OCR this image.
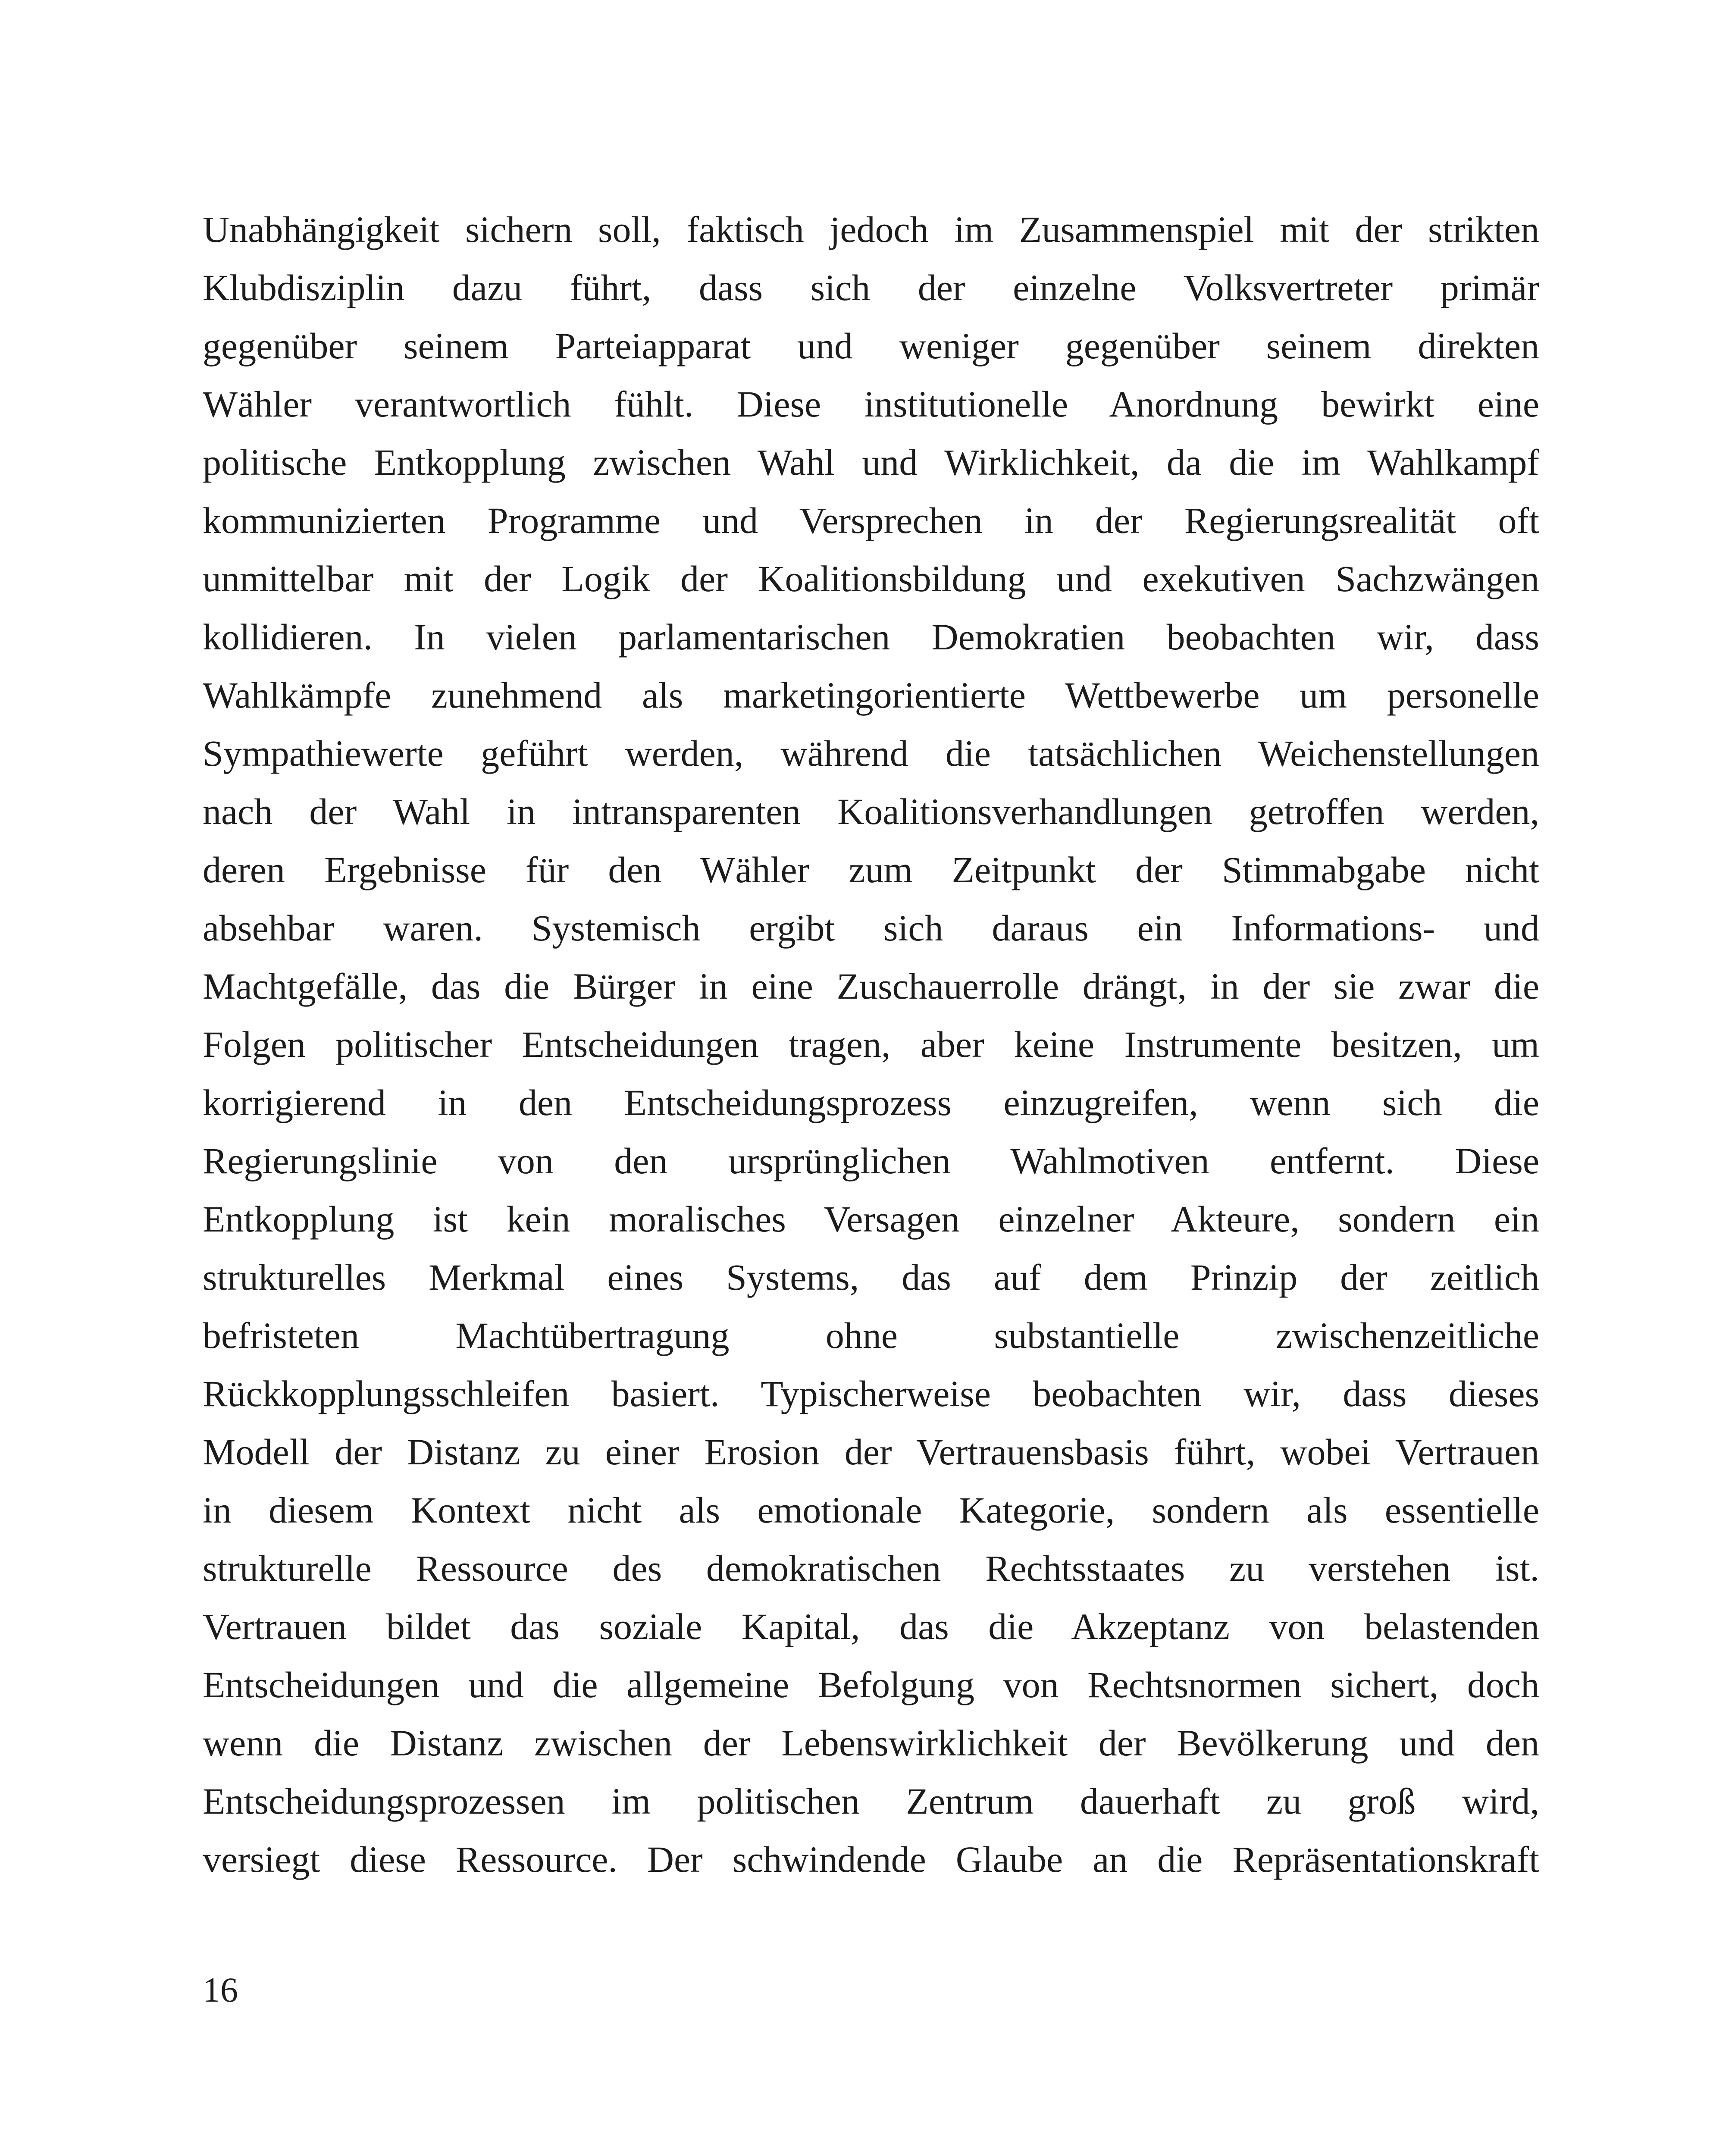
Unabhängigkeit sichern soll, faktisch jedoch im Zusammenspiel mit der strikten
Klubdisziplin dazu führt, dass sich der einzelne Volksvertreter primär
gegenüber seinem Parteiapparat und weniger gegenüber seinem direkten
Wähler verantwortlich fühlt. Diese institutionelle Anordnung bewirkt eine
politische Entkopplung zwischen Wahl und Wirklichkeit, da die im Wahlkampf
kommunizierten Programme und Versprechen in der Regierungsrealität oft
unmittelbar mit der Logik der Koalitionsbildung und exekutiven Sachzwängen
kollidieren. In vielen parlamentarischen Demokratien beobachten wir, dass
Wahlkämpfe zunehmend als marketingorientierte Wettbewerbe um personelle
Sympathiewerte geführt werden, während die tatsächlichen Weichenstellungen
nach der Wahl in intransparenten Koalitionsverhandlungen getroffen werden,
deren Ergebnisse für den Wähler zum Zeitpunkt der Stimmabgabe nicht
absehbar waren. Systemisch ergibt sich daraus ein Informations- und
Machtgefälle, das die Bürger in eine Zuschauerrolle drängt, in der sie zwar die
Folgen politischer Entscheidungen tragen, aber keine Instrumente besitzen, um
korrigierend in den Entscheidungsprozess einzugreifen, wenn sich die
Regierungslinie von den ursprünglichen Wahlmotiven entfernt. Diese
Entkopplung ist kein moralisches Versagen einzelner Akteure, sondern ein
strukturelles Merkmal eines Systems, das auf dem Prinzip der zeitlich
befristeten Machtübertragung ohne substantielle zwischenzeitliche
Rückkopplungsschleifen basiert. Typischerweise beobachten wir, dass dieses
Modell der Distanz zu einer Erosion der Vertrauensbasis führt, wobei Vertrauen
in diesem Kontext nicht als emotionale Kategorie, sondern als essentielle
strukturelle Ressource des demokratischen Rechtsstaates zu verstehen ist.
Vertrauen bildet das soziale Kapital, das die Akzeptanz von belastenden
Entscheidungen und die allgemeine Befolgung von Rechtsnormen sichert, doch
wenn die Distanz zwischen der Lebenswirklichkeit der Bevölkerung und den
Entscheidungsprozessen im politischen Zentrum dauerhaft zu groß wird,
versiegt diese Ressource. Der schwindende Glaube an die Repräsentationskraft

16
